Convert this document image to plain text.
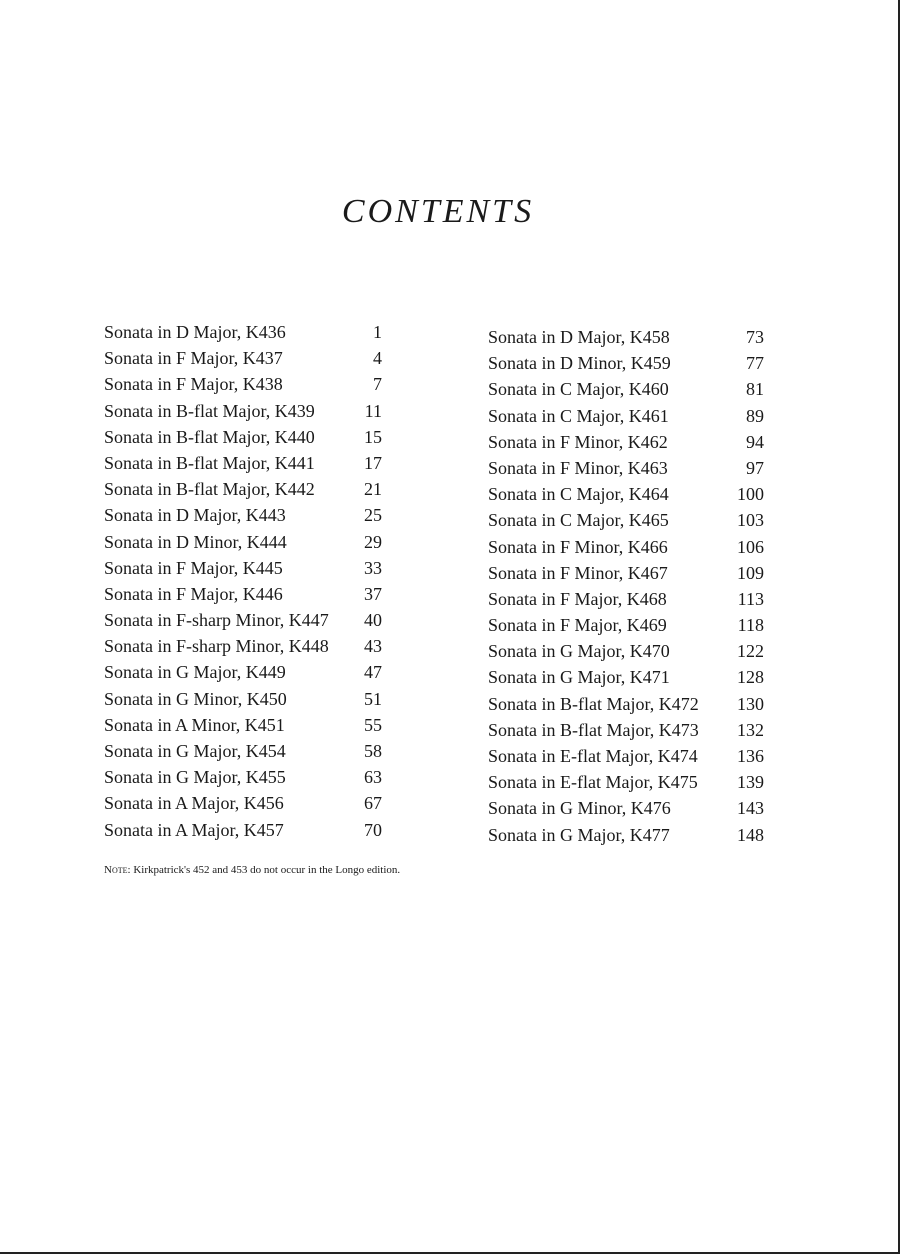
CONTENTS
Sonata in D Major, K436	1
Sonata in F Major, K437	4
Sonata in F Major, K438	7
Sonata in B-flat Major, K439	11
Sonata in B-flat Major, K440	15
Sonata in B-flat Major, K441	17
Sonata in B-flat Major, K442	21
Sonata in D Major, K443	25
Sonata in D Minor, K444	29
Sonata in F Major, K445	33
Sonata in F Major, K446	37
Sonata in F-sharp Minor, K447	40
Sonata in F-sharp Minor, K448	43
Sonata in G Major, K449	47
Sonata in G Minor, K450	51
Sonata in A Minor, K451	55
Sonata in G Major, K454	58
Sonata in G Major, K455	63
Sonata in A Major, K456	67
Sonata in A Major, K457	70
Sonata in D Major, K458	73
Sonata in D Minor, K459	77
Sonata in C Major, K460	81
Sonata in C Major, K461	89
Sonata in F Minor, K462	94
Sonata in F Minor, K463	97
Sonata in C Major, K464	100
Sonata in C Major, K465	103
Sonata in F Minor, K466	106
Sonata in F Minor, K467	109
Sonata in F Major, K468	113
Sonata in F Major, K469	118
Sonata in G Major, K470	122
Sonata in G Major, K471	128
Sonata in B-flat Major, K472	130
Sonata in B-flat Major, K473	132
Sonata in E-flat Major, K474	136
Sonata in E-flat Major, K475	139
Sonata in G Minor, K476	143
Sonata in G Major, K477	148
Note: Kirkpatrick's 452 and 453 do not occur in the Longo edition.
